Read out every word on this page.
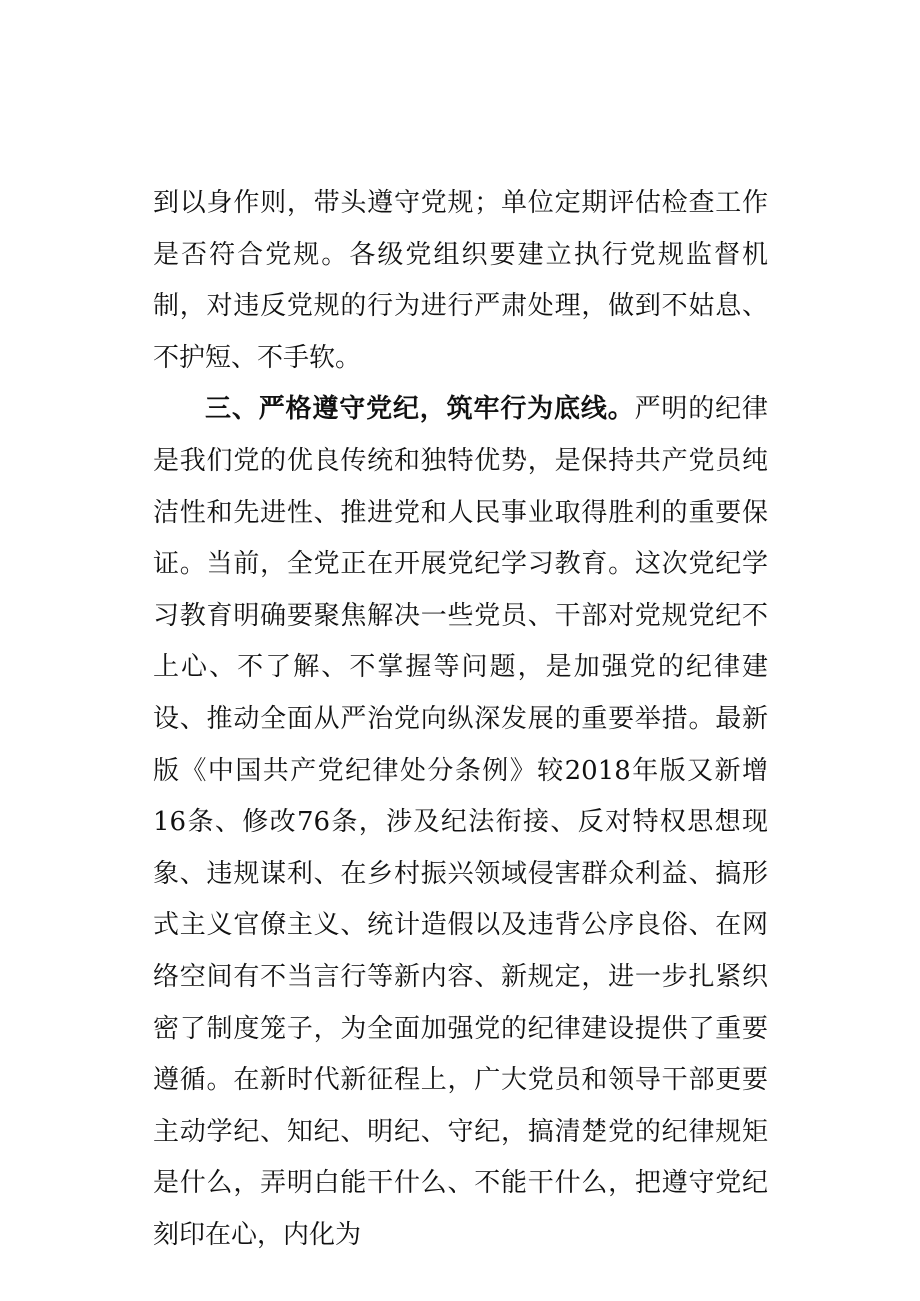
到以身作则，带头遵守党规；单位定期评估检查工作是否符合党规。各级党组织要建立执行党规监督机制，对违反党规的行为进行严肃处理，做到不姑息、不护短、不手软。

三、严格遵守党纪，筑牢行为底线。严明的纪律是我们党的优良传统和独特优势，是保持共产党员纯洁性和先进性、推进党和人民事业取得胜利的重要保证。当前，全党正在开展党纪学习教育。这次党纪学习教育明确要聚焦解决一些党员、干部对党规党纪不上心、不了解、不掌握等问题，是加强党的纪律建设、推动全面从严治党向纵深发展的重要举措。最新版《中国共产党纪律处分条例》较2018年版又新增16条、修改76条，涉及纪法衔接、反对特权思想现象、违规谋利、在乡村振兴领域侵害群众利益、搞形式主义官僚主义、统计造假以及违背公序良俗、在网络空间有不当言行等新内容、新规定，进一步扎紧织密了制度笼子，为全面加强党的纪律建设提供了重要遵循。在新时代新征程上，广大党员和领导干部更要主动学纪、知纪、明纪、守纪，搞清楚党的纪律规矩是什么，弄明白能干什么、不能干什么，把遵守党纪刻印在心，内化为
